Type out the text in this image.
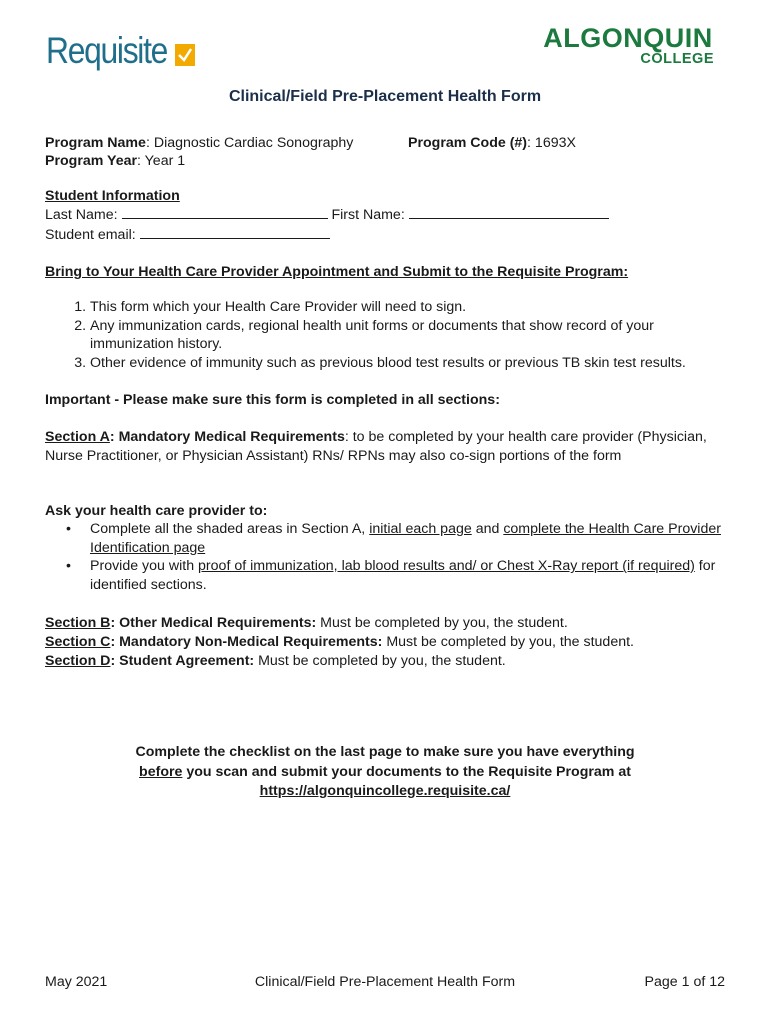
Requisite	ALGONQUIN
COLLEGE
Clinical/Field Pre-Placement Health Form
Program Name: Diagnostic Cardiac Sonography	Program Code (#): 1693X
Program Year: Year 1
Student Information
Last Name:	First Name:
Student email:
Bring to Your Health Care Provider Appointment and Submit to the Requisite Program:
1. This form which your Health Care Provider will need to sign.
2. Any immunization cards, regional health unit forms or documents that show record of your immunization history.
3. Other evidence of immunity such as previous blood test results or previous TB skin test results.
Important - Please make sure this form is completed in all sections:
Section A: Mandatory Medical Requirements: to be completed by your health care provider (Physician, Nurse Practitioner, or Physician Assistant) RNs/ RPNs may also co-sign portions of the form
Ask your health care provider to:
• Complete all the shaded areas in Section A, initial each page and complete the Health Care Provider Identification page
• Provide you with proof of immunization, lab blood results and/ or Chest X-Ray report (if required) for identified sections.
Section B: Other Medical Requirements: Must be completed by you, the student.
Section C: Mandatory Non-Medical Requirements: Must be completed by you, the student.
Section D: Student Agreement: Must be completed by you, the student.
Complete the checklist on the last page to make sure you have everything
before you scan and submit your documents to the Requisite Program at
https://algonquincollege.requisite.ca/
May 2021	Clinical/Field Pre-Placement Health Form	Page 1 of 12
